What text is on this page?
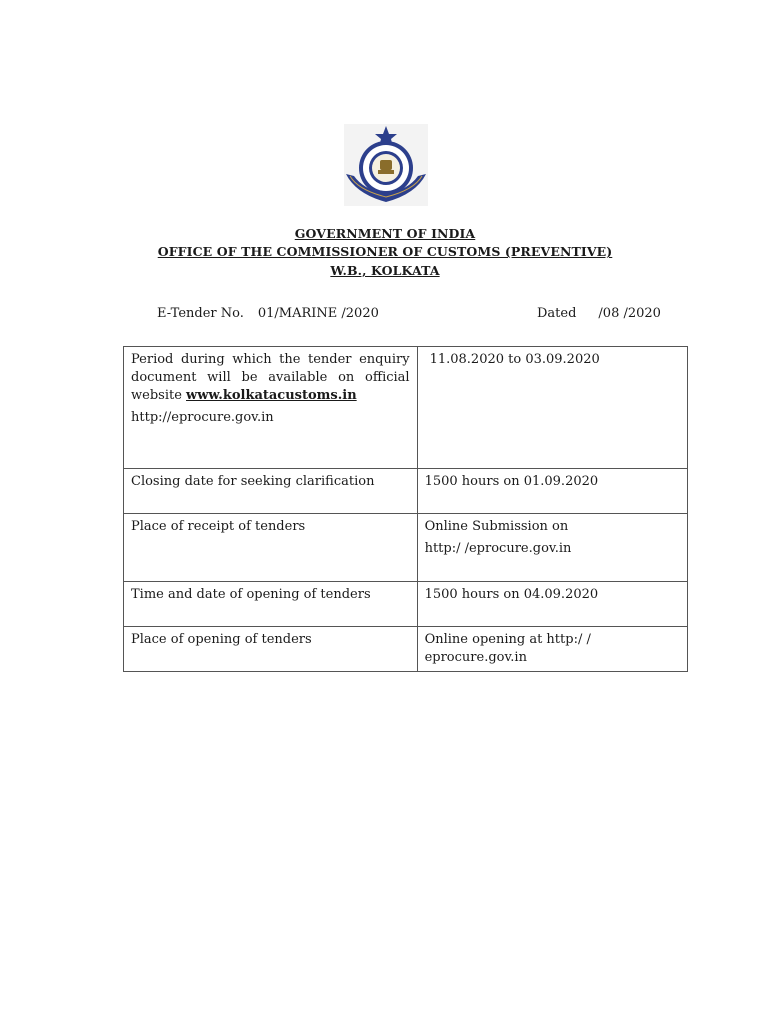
GOVERNMENT OF INDIA
OFFICE OF THE COMMISSIONER OF CUSTOMS (PREVENTIVE)
W.B., KOLKATA
E-Tender No. 01/MARINE /2020	Dated /08 /2020
Period during which the tender enquiry document will be available on official website www.kolkatacustoms.in
http://eprocure.gov.in	11.08.2020 to 03.09.2020
Closing date for seeking clarification	1500 hours on 01.09.2020
Place of receipt of tenders	Online Submission on
http:/ /eprocure.gov.in

Time and date of opening of tenders	1500 hours on 04.09.2020
Place of opening of tenders	Online opening at http:/ / eprocure.gov.in
